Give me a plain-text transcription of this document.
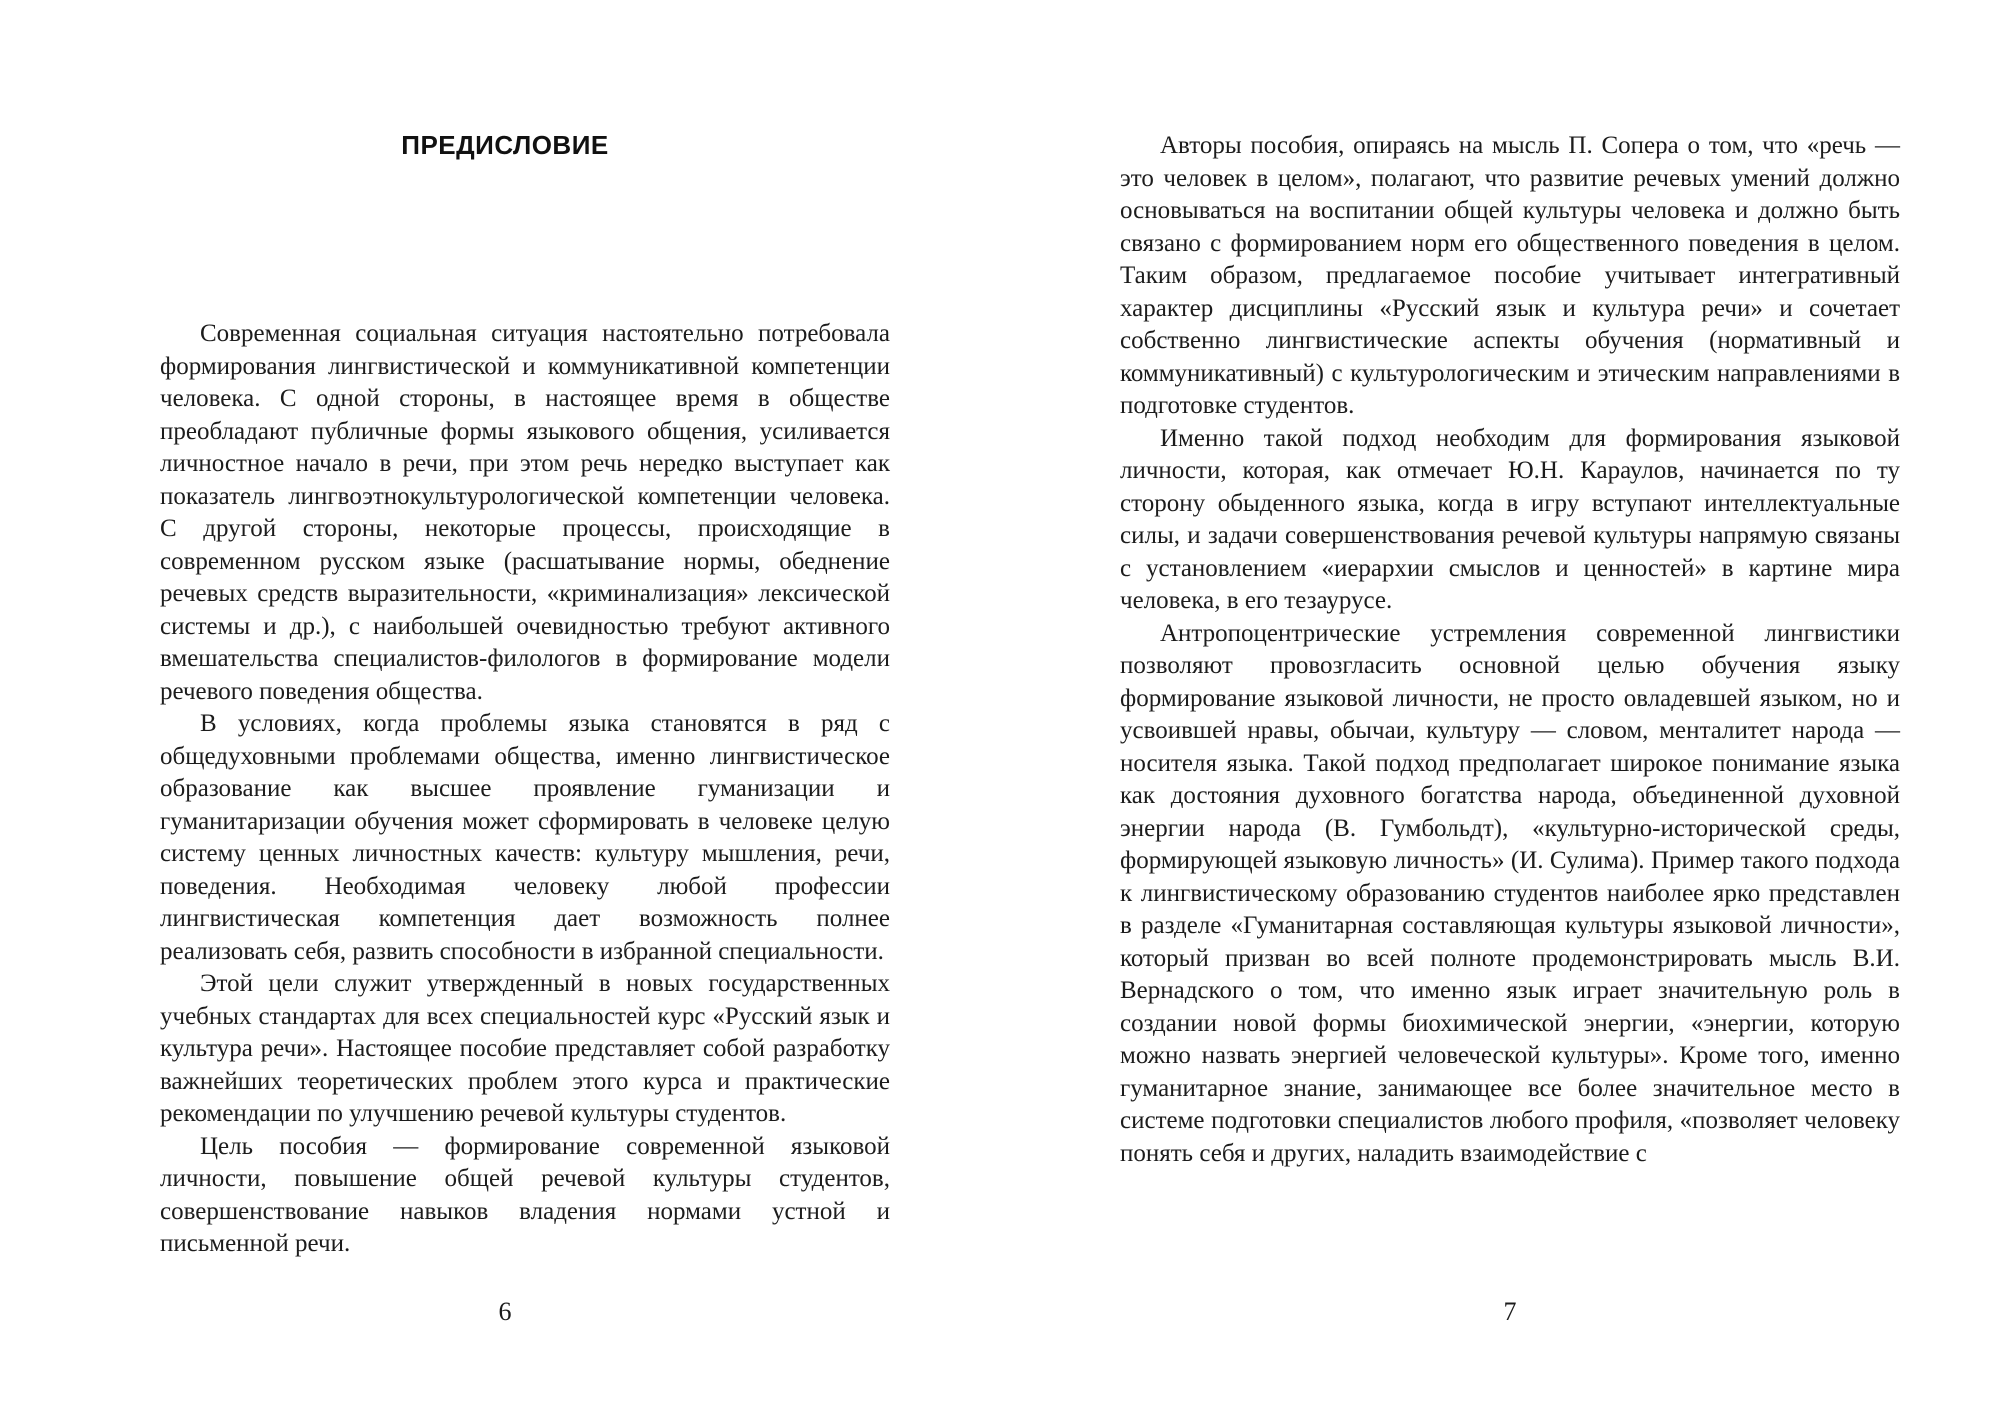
ПРЕДИСЛОВИЕ

Современная социальная ситуация настоятельно потребовала формирования лингвистической и коммуникативной компетенции человека. С одной стороны, в настоящее время в обществе преобладают публичные формы языкового общения, усиливается личностное начало в речи, при этом речь нередко выступает как показатель лингвоэтнокультурологической компетенции человека. С другой стороны, некоторые процессы, происходящие в современном русском языке (расшатывание нормы, обеднение речевых средств выразительности, «криминализация» лексической системы и др.), с наибольшей очевидностью требуют активного вмешательства специалистов-филологов в формирование модели речевого поведения общества.

В условиях, когда проблемы языка становятся в ряд с общедуховными проблемами общества, именно лингвистическое образование как высшее проявление гуманизации и гуманитаризации обучения может сформировать в человеке целую систему ценных личностных качеств: культуру мышления, речи, поведения. Необходимая человеку любой профессии лингвистическая компетенция дает возможность полнее реализовать себя, развить способности в избранной специальности.

Этой цели служит утвержденный в новых государственных учебных стандартах для всех специальностей курс «Русский язык и культура речи». Настоящее пособие представляет собой разработку важнейших теоретических проблем этого курса и практические рекомендации по улучшению речевой культуры студентов.

Цель пособия — формирование современной языковой личности, повышение общей речевой культуры студентов, совершенствование навыков владения нормами устной и письменной речи.

6

Авторы пособия, опираясь на мысль П. Сопера о том, что «речь — это человек в целом», полагают, что развитие речевых умений должно основываться на воспитании общей культуры человека и должно быть связано с формированием норм его общественного поведения в целом. Таким образом, предлагаемое пособие учитывает интегративный характер дисциплины «Русский язык и культура речи» и сочетает собственно лингвистические аспекты обучения (нормативный и коммуникативный) с культурологическим и этическим направлениями в подготовке студентов.

Именно такой подход необходим для формирования языковой личности, которая, как отмечает Ю.Н. Караулов, начинается по ту сторону обыденного языка, когда в игру вступают интеллектуальные силы, и задачи совершенствования речевой культуры напрямую связаны с установлением «иерархии смыслов и ценностей» в картине мира человека, в его тезаурусе.

Антропоцентрические устремления современной лингвистики позволяют провозгласить основной целью обучения языку формирование языковой личности, не просто овладевшей языком, но и усвоившей нравы, обычаи, культуру — словом, менталитет народа — носителя языка. Такой подход предполагает широкое понимание языка как достояния духовного богатства народа, объединенной духовной энергии народа (В. Гумбольдт), «культурно-исторической среды, формирующей языковую личность» (И. Сулима). Пример такого подхода к лингвистическому образованию студентов наиболее ярко представлен в разделе «Гуманитарная составляющая культуры языковой личности», который призван во всей полноте продемонстрировать мысль В.И. Вернадского о том, что именно язык играет значительную роль в создании новой формы биохимической энергии, «энергии, которую можно назвать энергией человеческой культуры». Кроме того, именно гуманитарное знание, занимающее все более значительное место в системе подготовки специалистов любого профиля, «позволяет человеку понять себя и других, наладить взаимодействие с

7
